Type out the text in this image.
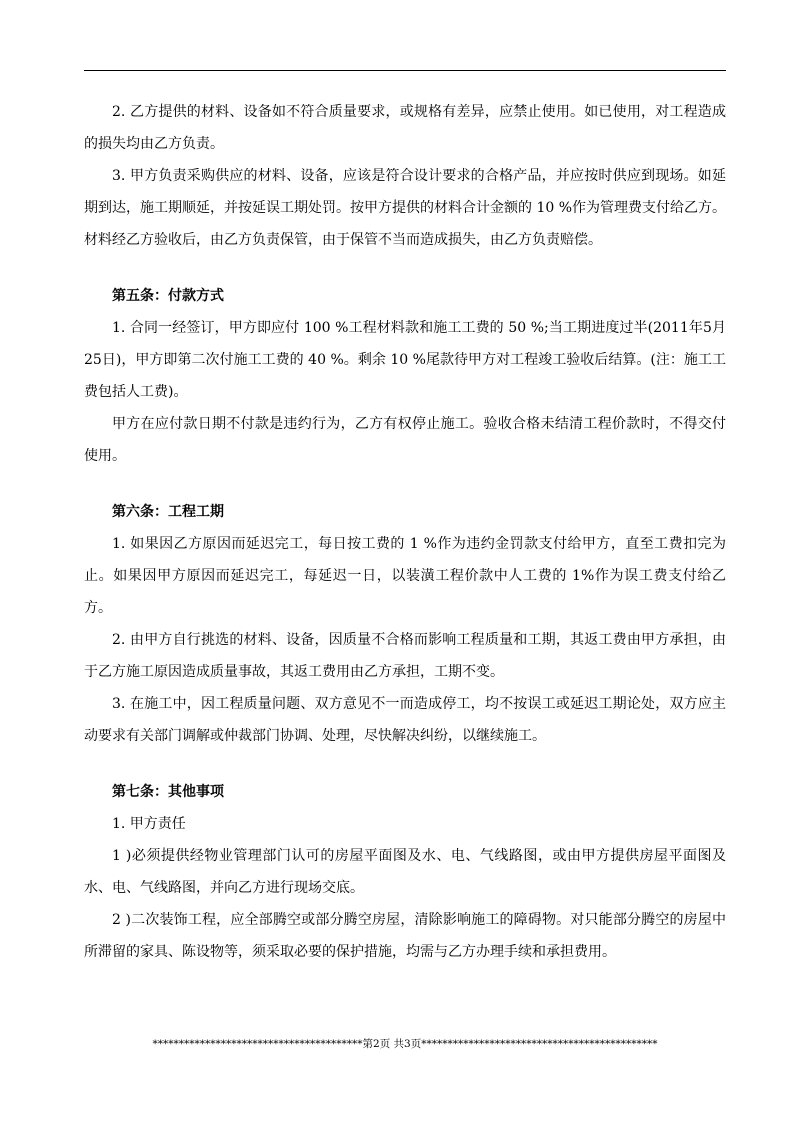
2. 乙方提供的材料、设备如不符合质量要求，或规格有差异，应禁止使用。如已使用，对工程造成的损失均由乙方负责。

3. 甲方负责采购供应的材料、设备，应该是符合设计要求的合格产品，并应按时供应到现场。如延期到达，施工期顺延，并按延误工期处罚。按甲方提供的材料合计金额的 10 %作为管理费支付给乙方。材料经乙方验收后，由乙方负责保管，由于保管不当而造成损失，由乙方负责赔偿。

第五条：付款方式

1. 合同一经签订，甲方即应付 100 %工程材料款和施工工费的 50 %;当工期进度过半(2011年5月25日)，甲方即第二次付施工工费的 40 %。剩余 10 %尾款待甲方对工程竣工验收后结算。(注：施工工费包括人工费)。

甲方在应付款日期不付款是违约行为，乙方有权停止施工。验收合格未结清工程价款时，不得交付使用。

第六条：工程工期

1. 如果因乙方原因而延迟完工，每日按工费的 1 %作为违约金罚款支付给甲方，直至工费扣完为止。如果因甲方原因而延迟完工，每延迟一日，以装潢工程价款中人工费的 1%作为误工费支付给乙方。

2. 由甲方自行挑选的材料、设备，因质量不合格而影响工程质量和工期，其返工费由甲方承担，由于乙方施工原因造成质量事故，其返工费用由乙方承担，工期不变。

3. 在施工中，因工程质量问题、双方意见不一而造成停工，均不按误工或延迟工期论处，双方应主动要求有关部门调解或仲裁部门协调、处理，尽快解决纠纷，以继续施工。

第七条：其他事项

1. 甲方责任

1 )必须提供经物业管理部门认可的房屋平面图及水、电、气线路图，或由甲方提供房屋平面图及水、电、气线路图，并向乙方进行现场交底。

2 )二次装饰工程，应全部腾空或部分腾空房屋，清除影响施工的障碍物。对只能部分腾空的房屋中所滞留的家具、陈设物等，须采取必要的保护措施，均需与乙方办理手续和承担费用。

****************************************第2页 共3页*********************************************
